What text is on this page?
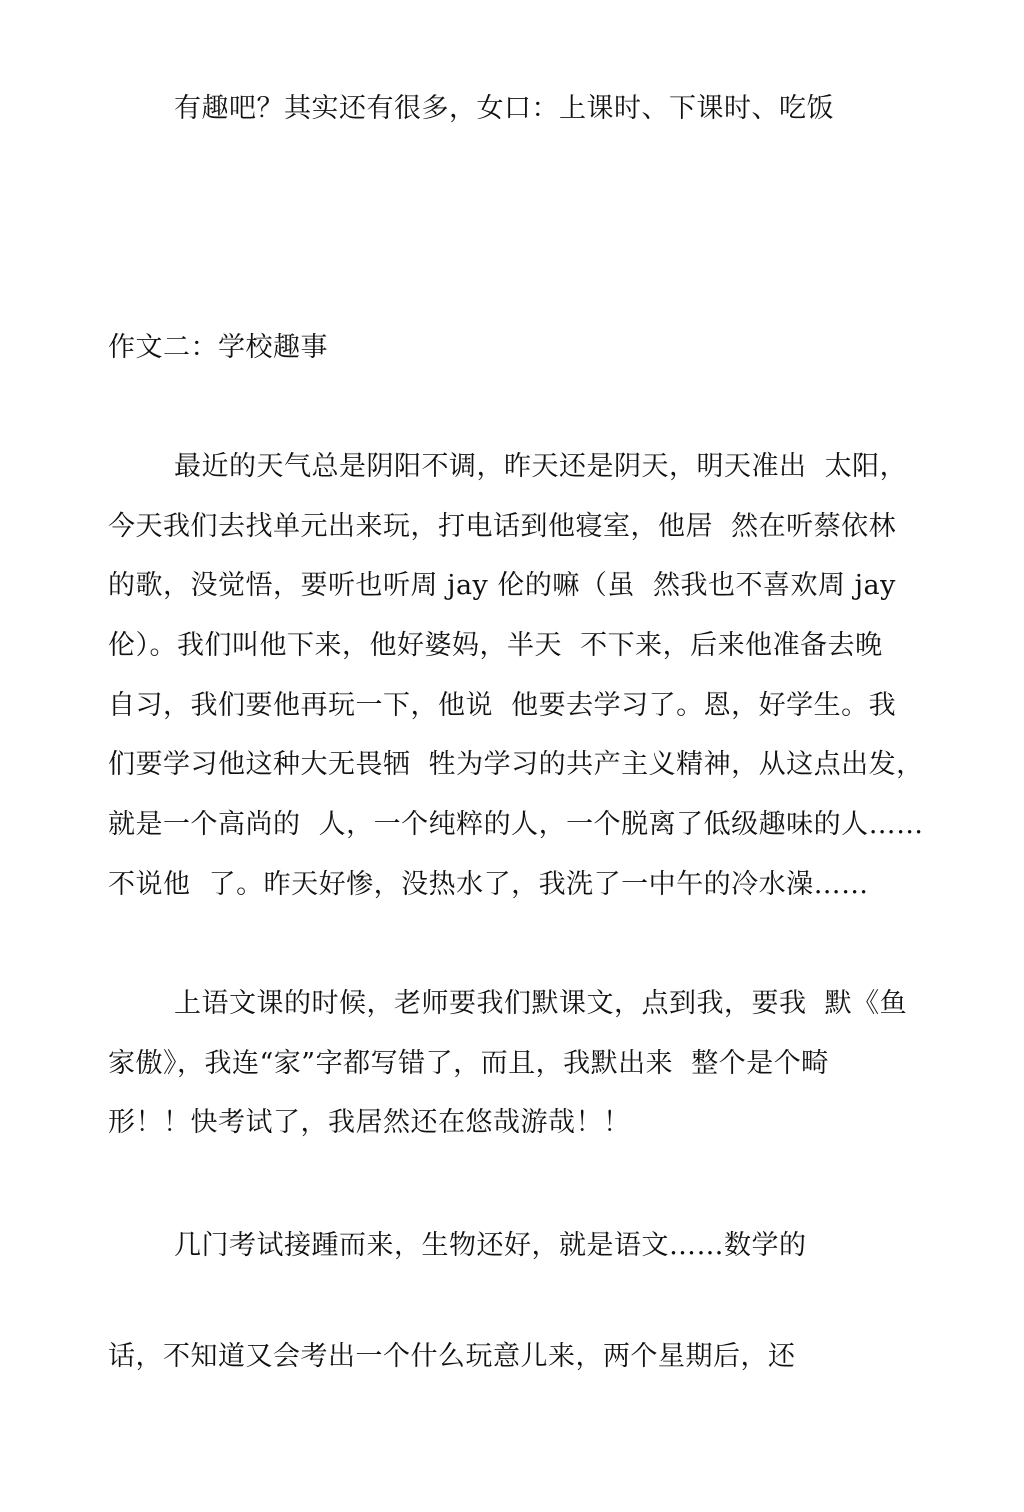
有趣吧？其实还有很多，女口：上课时、下课时、吃饭
作文二：学校趣事
最近的天气总是阴阳不调，昨天还是阴天，明天准出  太阳，
今天我们去找单元出来玩，打电话到他寝室，他居  然在听蔡依林
的歌，没觉悟，要听也听周 jay 伦的嘛（虽  然我也不喜欢周 jay
伦）。我们叫他下来，他好婆妈，半天  不下来，后来他准备去晚
自习，我们要他再玩一下，他说  他要去学习了。恩，好学生。我
们要学习他这种大无畏牺  牲为学习的共产主义精神，从这点出发，
就是一个高尚的  人，一个纯粹的人，一个脱离了低级趣味的人……
不说他  了。昨天好惨，没热水了，我洗了一中午的冷水澡……
上语文课的时候，老师要我们默课文，点到我，要我  默《鱼
家傲》，我连“家”字都写错了，而且，我默出来  整个是个畸
形！！快考试了，我居然还在悠哉游哉！！
几门考试接踵而来，生物还好，就是语文……数学的
话，不知道又会考出一个什么玩意儿来，两个星期后，还
